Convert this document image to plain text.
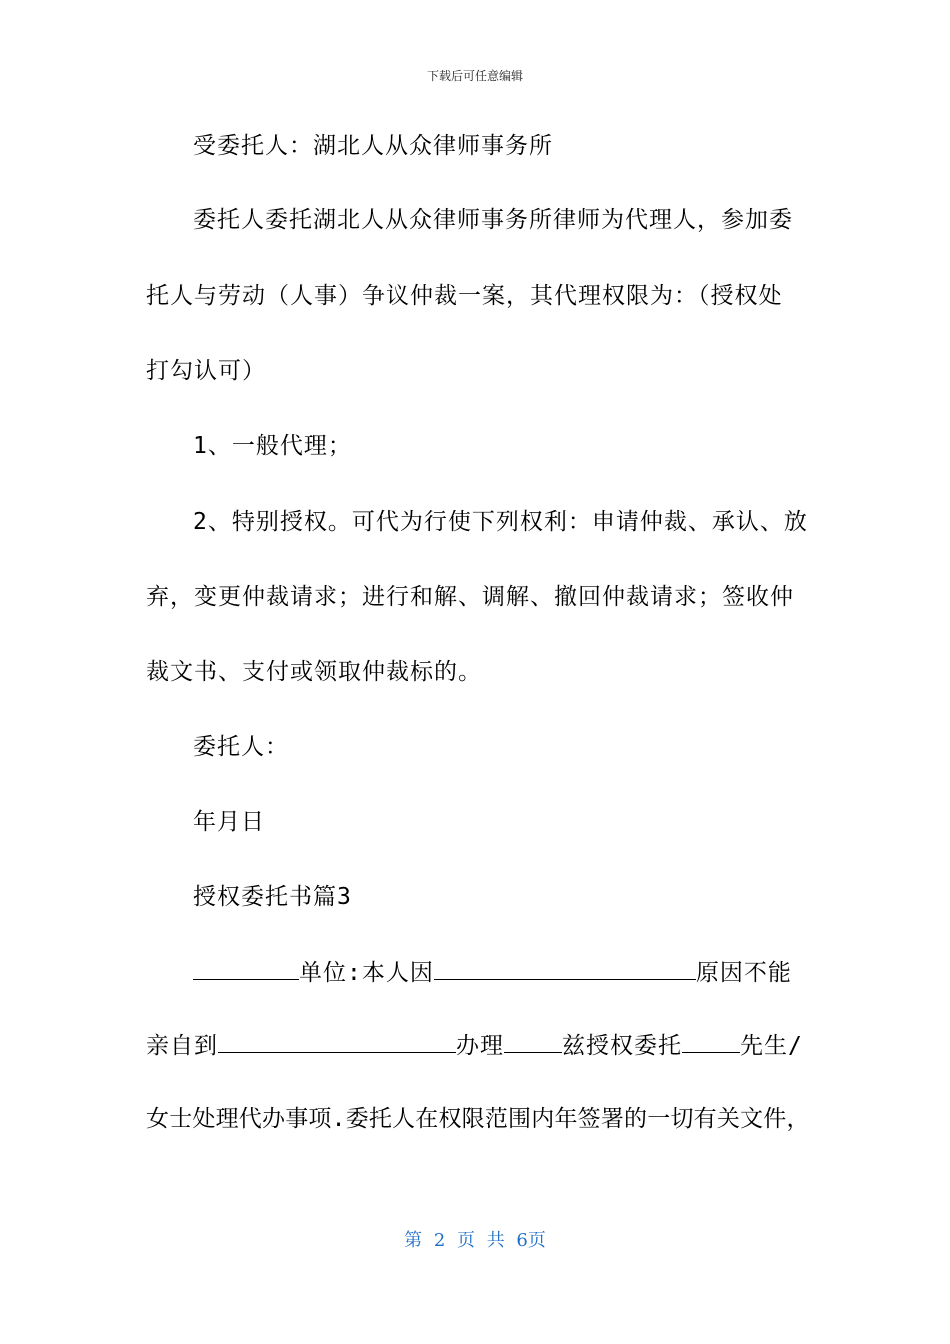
下载后可任意编辑
受委托人：湖北人从众律师事务所
委托人委托湖北人从众律师事务所律师为代理人，参加委
托人与劳动（人事）争议仲裁一案，其代理权限为：（授权处
打勾认可）
1、一般代理；
2、特别授权。可代为行使下列权利：申请仲裁、承认、放
弃，变更仲裁请求；进行和解、调解、撤回仲裁请求；签收仲
裁文书、支付或领取仲裁标的。
委托人：
年月日
授权委托书篇3
单位:本人因	原因不能
亲自到	办理	兹授权委托	先生/
女士处理代办事项.委托人在权限范围内年签署的一切有关文件，
第 2 页 共 6页
